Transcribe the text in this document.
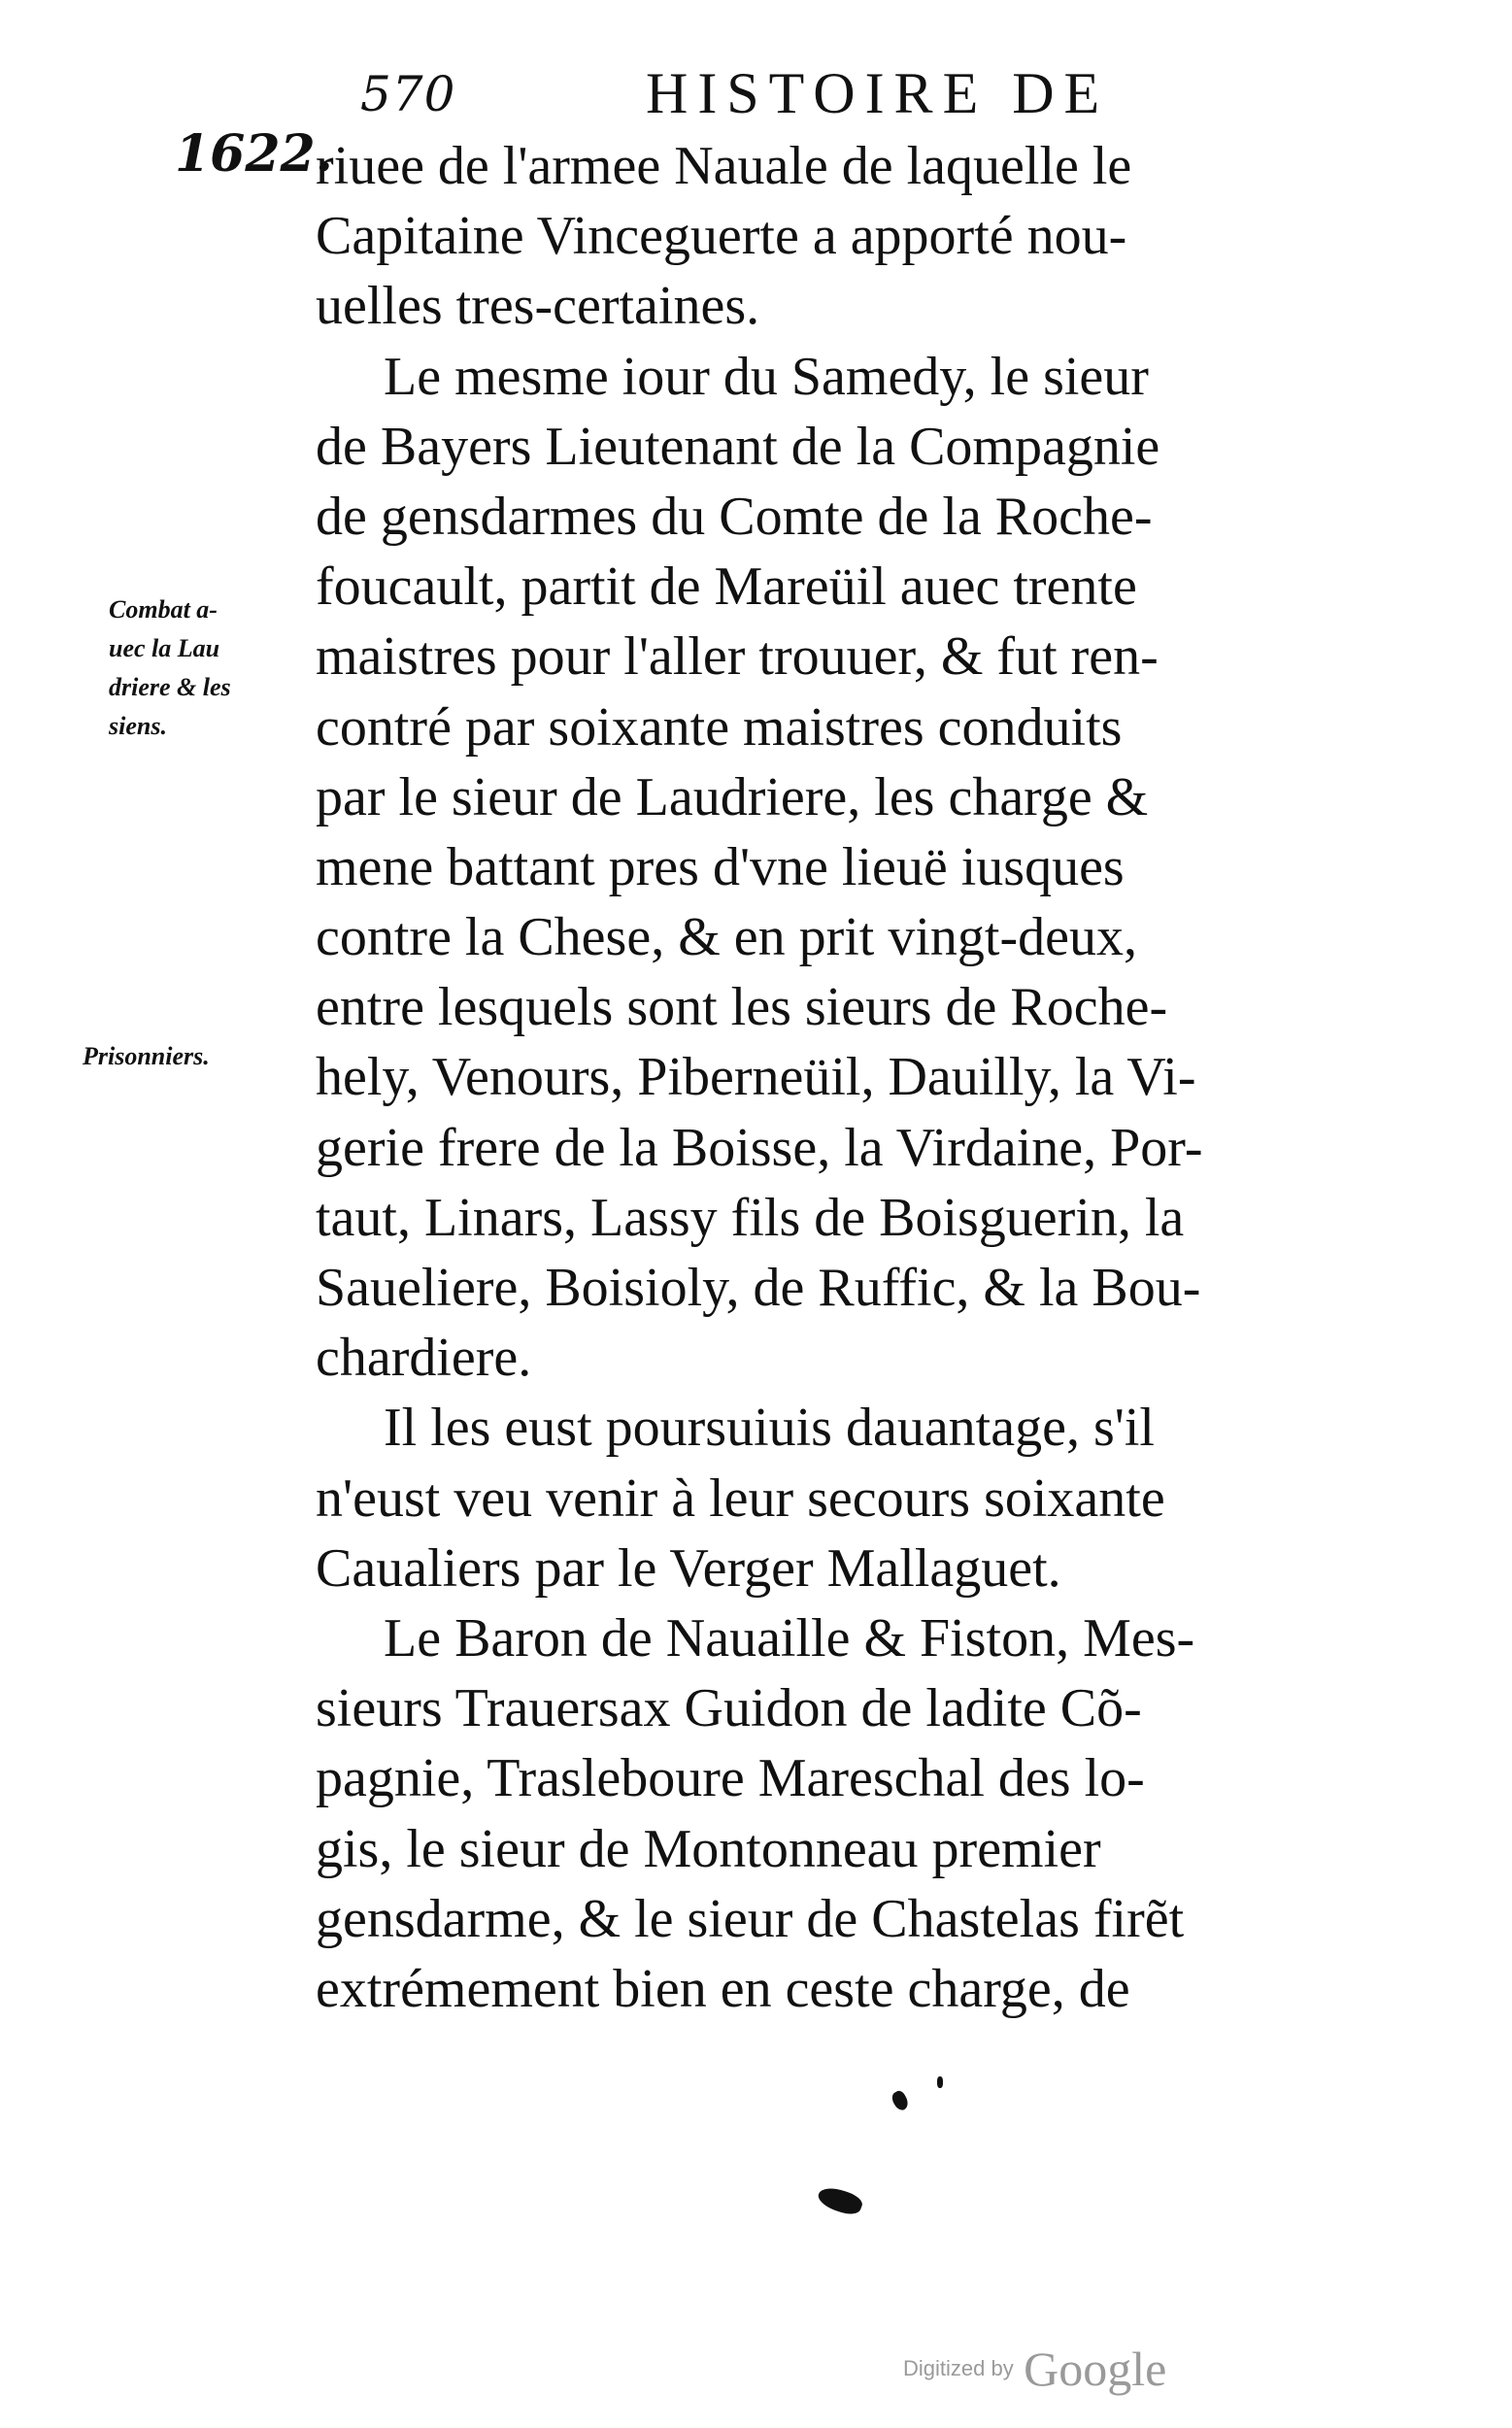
570	HISTOIRE DE
1622.
Combat a-
uec la Lau
driere & les
siens.
Prisonniers.
riuee de l'armee Nauale de laquelle le
Capitaine Vinceguerte a apporté nou-
uelles tres-certaines.
Le mesme iour du Samedy, le sieur
de Bayers Lieutenant de la Compagnie
de gensdarmes du Comte de la Roche-
foucault, partit de Mareüil auec trente
maistres pour l'aller trouuer, & fut ren-
contré par soixante maistres conduits
par le sieur de Laudriere, les charge &
mene battant pres d'vne lieuë iusques
contre la Chese, & en prit vingt-deux,
entre lesquels sont les sieurs de Roche-
hely, Venours, Piberneüil, Dauilly, la Vi-
gerie frere de la Boisse, la Virdaine, Por-
taut, Linars, Lassy fils de Boisguerin, la
Saueliere, Boisioly, de Ruffic, & la Bou-
chardiere.
Il les eust poursuiuis dauantage, s'il
n'eust veu venir à leur secours soixante
Caualiers par le Verger Mallaguet.
Le Baron de Nauaille & Fiston, Mes-
sieurs Trauersax Guidon de ladite Cõ-
pagnie, Trasleboure Mareschal des lo-
gis, le sieur de Montonneau premier
gensdarme, & le sieur de Chastelas firẽt
extrémement bien en ceste charge, de
Digitized by Google
